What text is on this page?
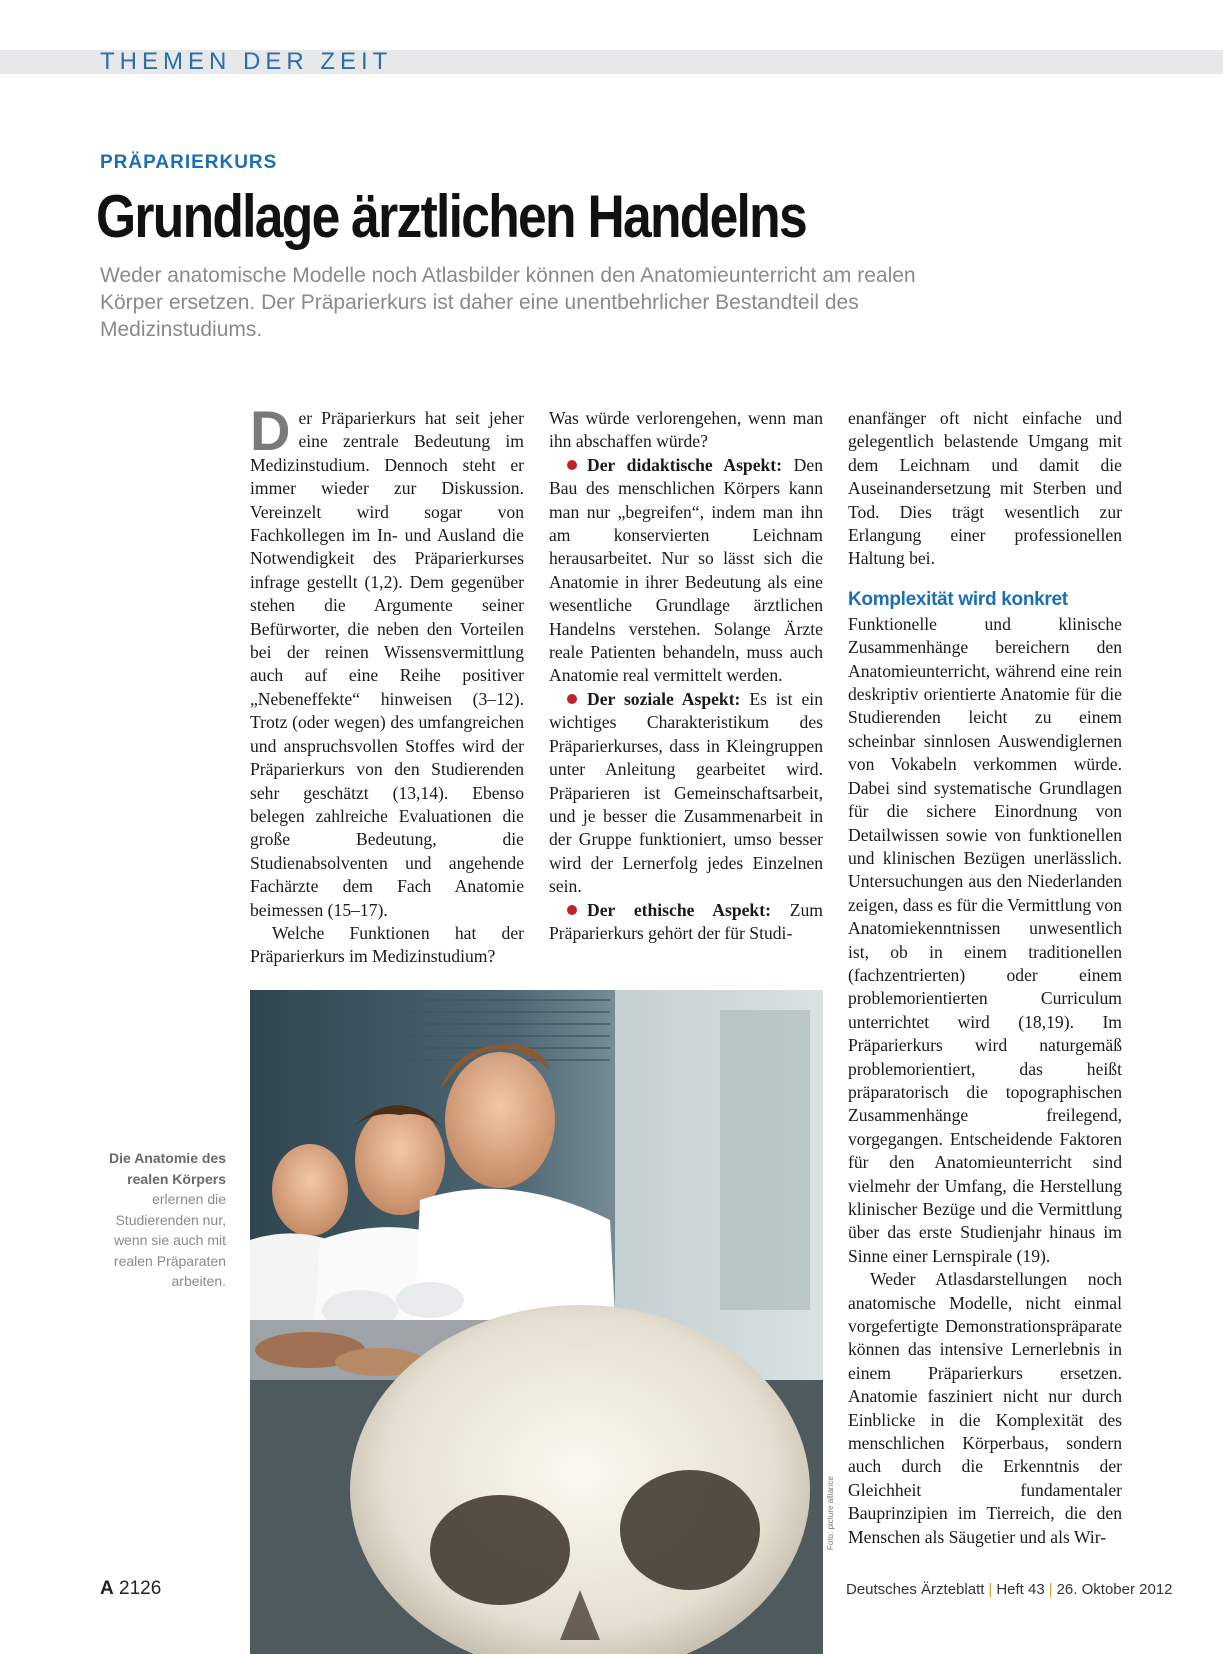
THEMEN DER ZEIT
PRÄPARIERKURS
Grundlage ärztlichen Handelns
Weder anatomische Modelle noch Atlasbilder können den Anatomieunterricht am realen Körper ersetzen. Der Präparierkurs ist daher eine unentbehrlicher Bestandteil des Medizinstudiums.

Der Präparierkurs hat seit jeher eine zentrale Bedeutung im Medizinstudium. Dennoch steht er immer wieder zur Diskussion. Vereinzelt wird sogar von Fachkollegen im In- und Ausland die Notwendigkeit des Präparierkurses infrage gestellt (1,2). Dem gegenüber stehen die Argumente seiner Befürworter, die neben den Vorteilen bei der reinen Wissensvermittlung auch auf eine Reihe positiver „Nebeneffekte“ hinweisen (3–12). Trotz (oder wegen) des umfangreichen und anspruchsvollen Stoffes wird der Präparierkurs von den Studierenden sehr geschätzt (13,14). Ebenso belegen zahlreiche Evaluationen die große Bedeutung, die Studienabsolventen und angehende Fachärzte dem Fach Anatomie beimessen (15–17).

Welche Funktionen hat der Präparierkurs im Medizinstudium?

Was würde verlorengehen, wenn man ihn abschaffen würde?

Der didaktische Aspekt: Den Bau des menschlichen Körpers kann man nur „begreifen“, indem man ihn am konservierten Leichnam herausarbeitet. Nur so lässt sich die Anatomie in ihrer Bedeutung als eine wesentliche Grundlage ärztlichen Handelns verstehen. Solange Ärzte reale Patienten behandeln, muss auch Anatomie real vermittelt werden.

Der soziale Aspekt: Es ist ein wichtiges Charakteristikum des Präparierkurses, dass in Kleingruppen unter Anleitung gearbeitet wird. Präparieren ist Gemeinschaftsarbeit, und je besser die Zusammenarbeit in der Gruppe funktioniert, umso besser wird der Lernerfolg jedes Einzelnen sein.

Der ethische Aspekt: Zum Präparierkurs gehört der für Studi-

enanfänger oft nicht einfache und gelegentlich belastende Umgang mit dem Leichnam und damit die Auseinandersetzung mit Sterben und Tod. Dies trägt wesentlich zur Erlangung einer professionellen Haltung bei.

Komplexität wird konkret

Funktionelle und klinische Zusammenhänge bereichern den Anatomieunterricht, während eine rein deskriptiv orientierte Anatomie für die Studierenden leicht zu einem scheinbar sinnlosen Auswendiglernen von Vokabeln verkommen würde. Dabei sind systematische Grundlagen für die sichere Einordnung von Detailwissen sowie von funktionellen und klinischen Bezügen unerlässlich. Untersuchungen aus den Niederlanden zeigen, dass es für die Vermittlung von Anatomiekenntnissen unwesentlich ist, ob in einem traditionellen (fachzentrierten) oder einem problemorientierten Curriculum unterrichtet wird (18,19). Im Präparierkurs wird naturgemäß problemorientiert, das heißt präparatorisch die topographischen Zusammenhänge freilegend, vorgegangen. Entscheidende Faktoren für den Anatomieunterricht sind vielmehr der Umfang, die Herstellung klinischer Bezüge und die Vermittlung über das erste Studienjahr hinaus im Sinne einer Lernspirale (19).

Weder Atlasdarstellungen noch anatomische Modelle, nicht einmal vorgefertigte Demonstrationspräparate können das intensive Lernerlebnis in einem Präparierkurs ersetzen. Anatomie fasziniert nicht nur durch Einblicke in die Komplexität des menschlichen Körperbaus, sondern auch durch die Erkenntnis der Gleichheit fundamentaler Bauprinzipien im Tierreich, die den Menschen als Säugetier und als Wir-

Die Anatomie des realen Körpers erlernen die Studierenden nur, wenn sie auch mit realen Präparaten arbeiten.
Foto: picture alliance
A 2126	Deutsches Ärzteblatt | Heft 43 | 26. Oktober 2012
